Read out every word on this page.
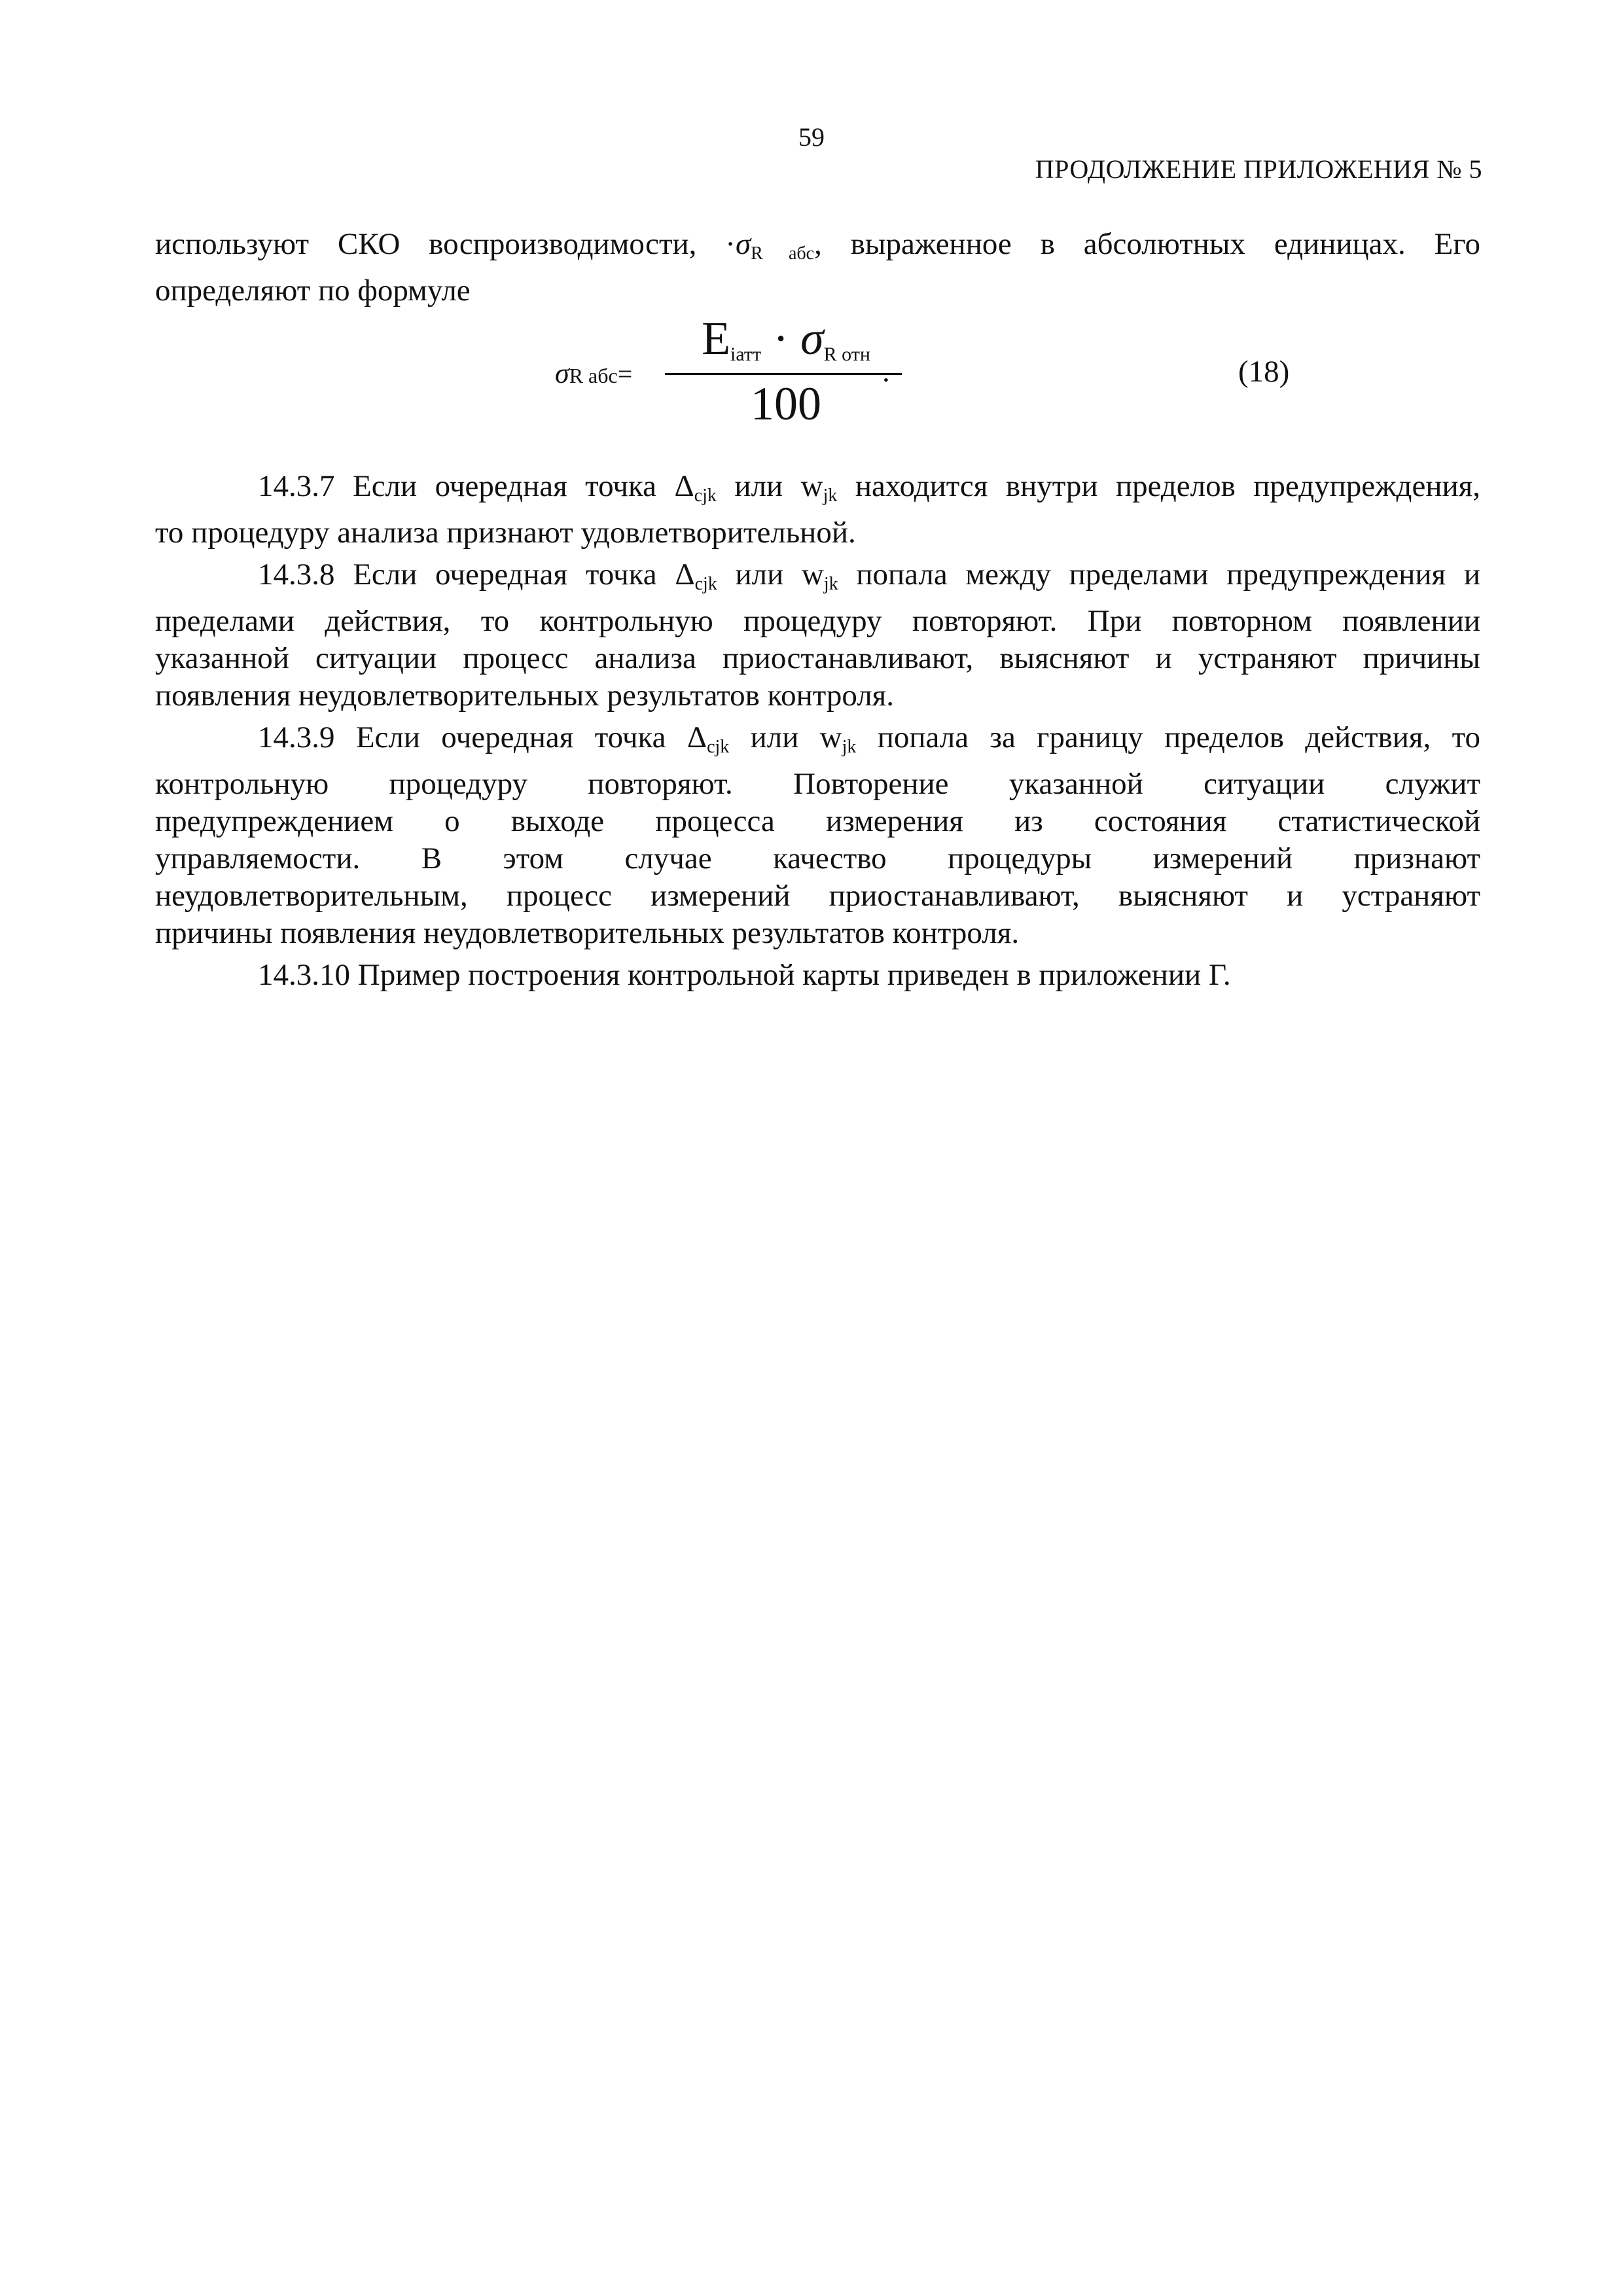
59
ПРОДОЛЖЕНИЕ ПРИЛОЖЕНИЯ № 5
используют СКО воспроизводимости, $\cdot\sigma_{R абс}$, выраженное в абсолютных единицах. Его
определяют по формуле
σR абс=
Eiатт · σR отн
100
.	(18)
14.3.7 Если очередная точка $\Delta_{cjk}$ или $w_{jk}$ находится внутри пределов предупреждения,
то процедуру анализа признают удовлетворительной.
14.3.8 Если очередная точка $\Delta_{cjk}$ или $w_{jk}$ попала между пределами предупреждения и
пределами действия, то контрольную процедуру повторяют. При повторном появлении
указанной ситуации процесс анализа приостанавливают, выясняют и устраняют причины
появления неудовлетворительных результатов контроля.
14.3.9 Если очередная точка $\Delta_{cjk}$ или $w_{jk}$ попала за границу пределов действия, то
контрольную процедуру повторяют. Повторение указанной ситуации служит
предупреждением о выходе процесса измерения из состояния статистической
управляемости. В этом случае качество процедуры измерений признают
неудовлетворительным, процесс измерений приостанавливают, выясняют и устраняют
причины появления неудовлетворительных результатов контроля.
14.3.10 Пример построения контрольной карты приведен в приложении Г.
